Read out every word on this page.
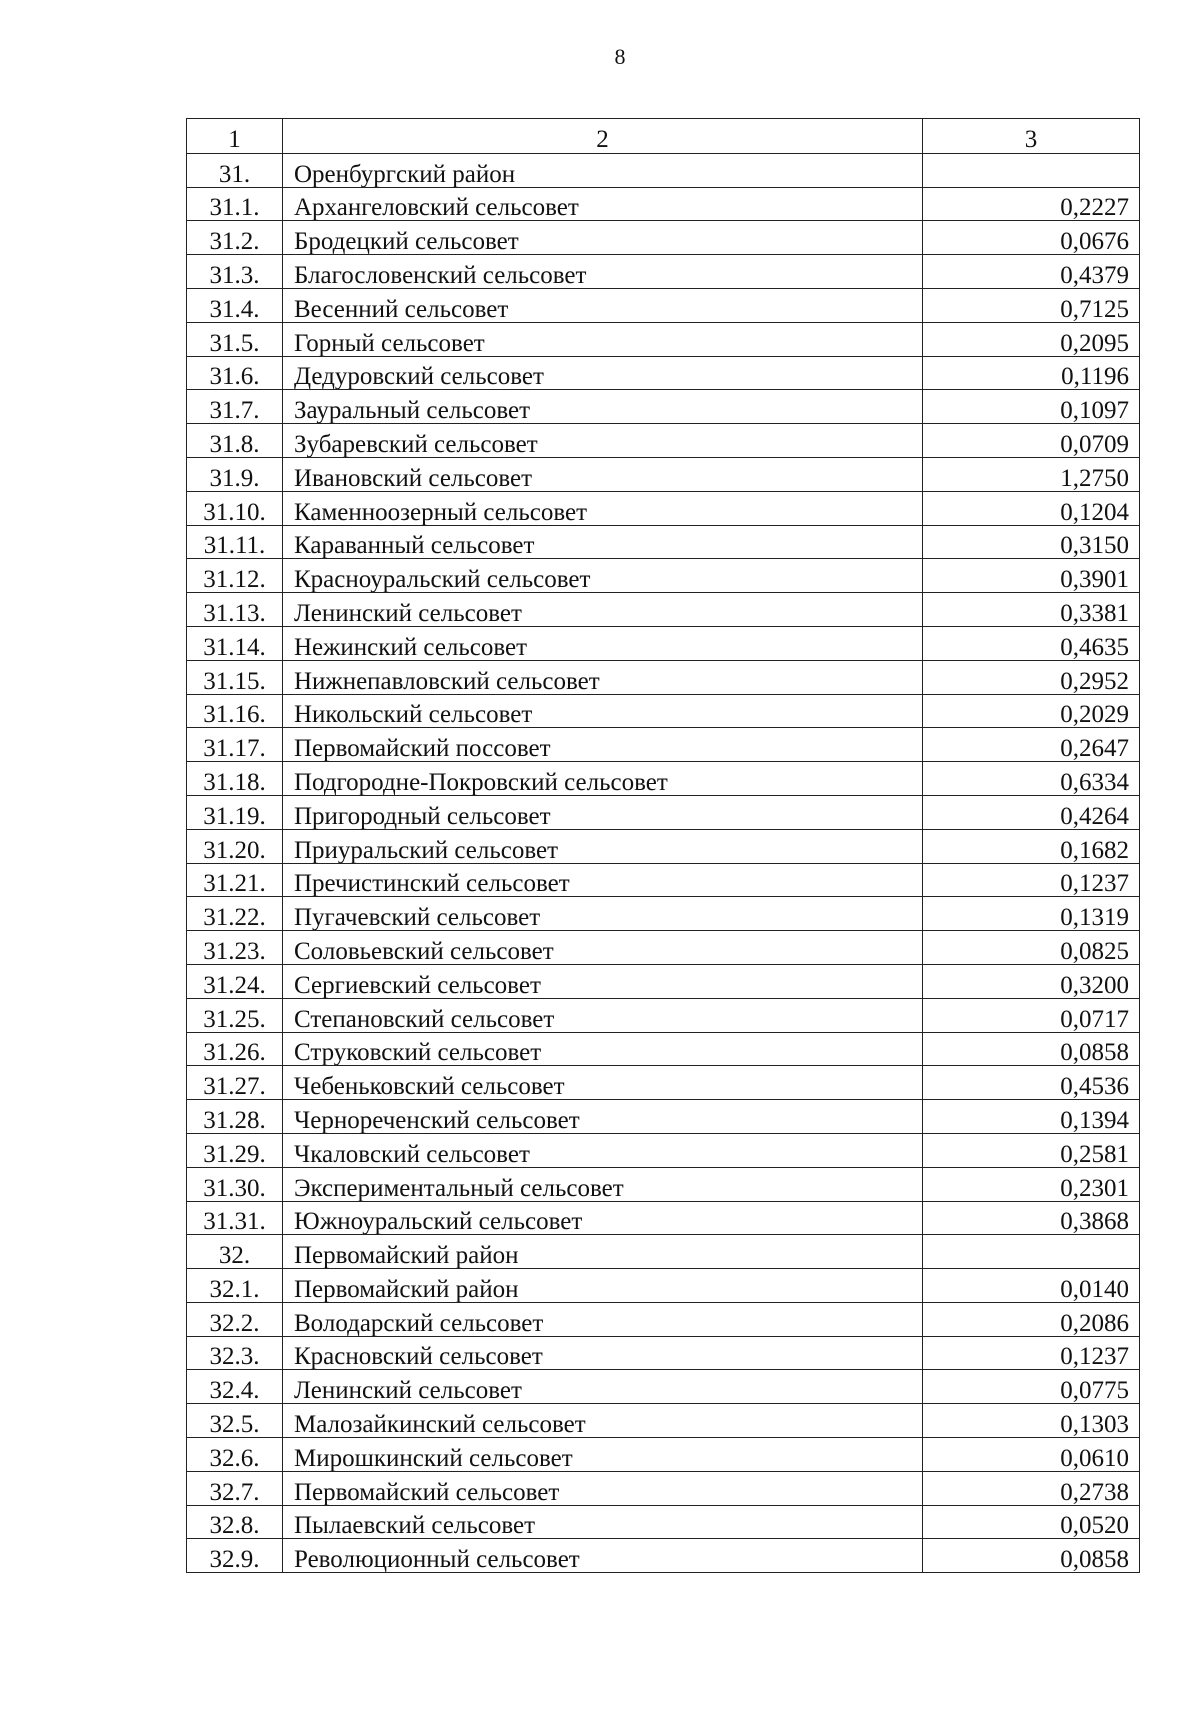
8
1	2	3
31.	Оренбургский район	
31.1.	Архангеловский сельсовет	0,2227
31.2.	Бродецкий сельсовет	0,0676
31.3.	Благословенский сельсовет	0,4379
31.4.	Весенний сельсовет	0,7125
31.5.	Горный сельсовет	0,2095
31.6.	Дедуровский сельсовет	0,1196
31.7.	Зауральный сельсовет	0,1097
31.8.	Зубаревский сельсовет	0,0709
31.9.	Ивановский сельсовет	1,2750
31.10.	Каменноозерный сельсовет	0,1204
31.11.	Караванный сельсовет	0,3150
31.12.	Красноуральский сельсовет	0,3901
31.13.	Ленинский сельсовет	0,3381
31.14.	Нежинский сельсовет	0,4635
31.15.	Нижнепавловский сельсовет	0,2952
31.16.	Никольский сельсовет	0,2029
31.17.	Первомайский поссовет	0,2647
31.18.	Подгородне-Покровский сельсовет	0,6334
31.19.	Пригородный сельсовет	0,4264
31.20.	Приуральский сельсовет	0,1682
31.21.	Пречистинский сельсовет	0,1237
31.22.	Пугачевский сельсовет	0,1319
31.23.	Соловьевский сельсовет	0,0825
31.24.	Сергиевский сельсовет	0,3200
31.25.	Степановский сельсовет	0,0717
31.26.	Струковский сельсовет	0,0858
31.27.	Чебеньковский сельсовет	0,4536
31.28.	Чернореченский сельсовет	0,1394
31.29.	Чкаловский сельсовет	0,2581
31.30.	Экспериментальный сельсовет	0,2301
31.31.	Южноуральский сельсовет	0,3868
32.	Первомайский район	
32.1.	Первомайский район	0,0140
32.2.	Володарский сельсовет	0,2086
32.3.	Красновский сельсовет	0,1237
32.4.	Ленинский сельсовет	0,0775
32.5.	Малозайкинский сельсовет	0,1303
32.6.	Мирошкинский сельсовет	0,0610
32.7.	Первомайский сельсовет	0,2738
32.8.	Пылаевский сельсовет	0,0520
32.9.	Революционный сельсовет	0,0858
